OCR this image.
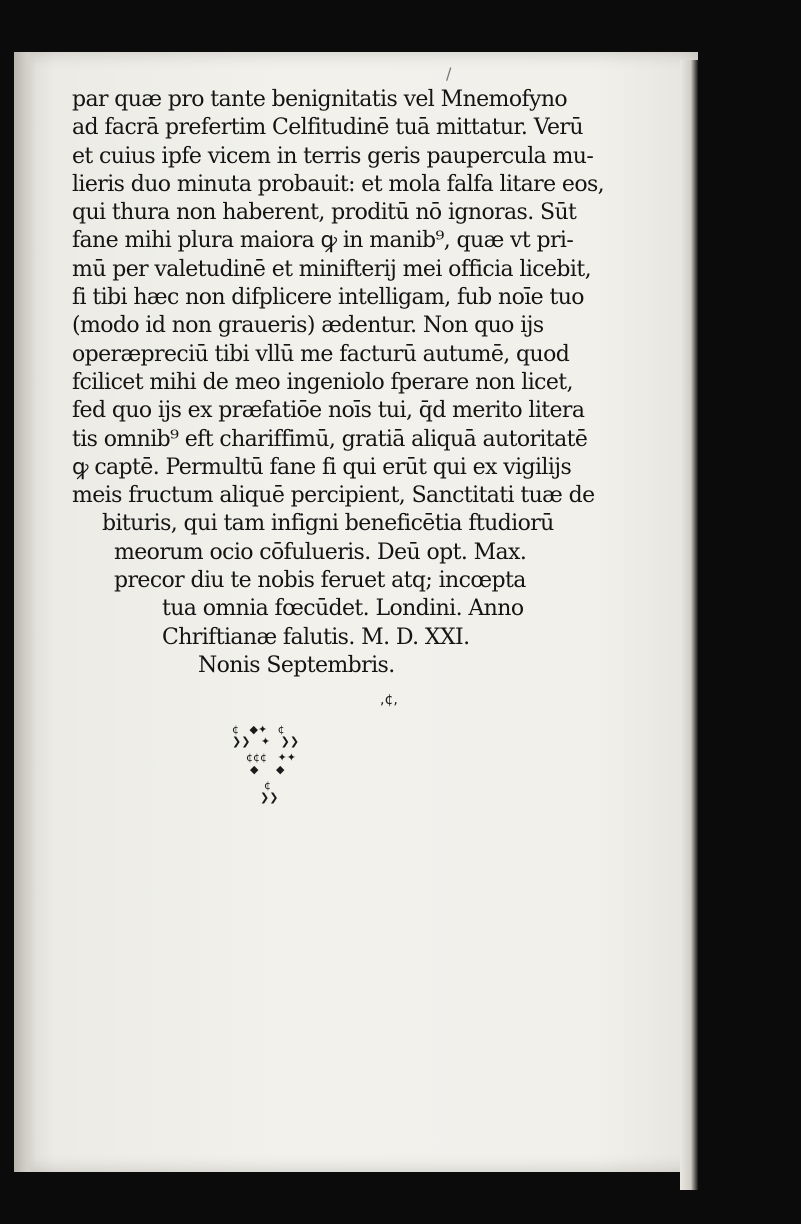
/
par quæ pro tante benignitatis vel Mnemofyno
ad facrā prefertim Celfitudinē tuā mittatur. Verū
et cuius ipfe vicem in terris geris paupercula mu-
lieris duo minuta probauit: et mola falfa litare eos,
qui thura non haberent, proditū nō ignoras. Sūt
fane mihi plura maiora ꝙ in manib⁹, quæ vt pri-
mū per valetudinē et minifterij mei officia licebit,
fi tibi hæc non difplicere intelligam, fub noīe tuo
(modo id non graueris) ædentur. Non quo ijs
operæpreciū tibi vllū me facturū autumē, quod
fcilicet mihi de meo ingeniolo fperare non licet,
fed quo ijs ex præfatiōe noīs tui, q̄d merito litera
tis omnib⁹ eft chariffimū, gratiā aliquā autoritatē
ꝙ captē. Permultū fane fi qui erūt qui ex vigilijs
meis fructum aliquē percipient, Sanctitati tuæ de
bituris, qui tam infigni beneficētia ftudiorū
meorum ocio cōfulueris. Deū opt. Max.
precor diu te nobis feruet atq; incœpta
tua omnia fœcūdet. Londini. Anno
Chriftianæ falutis. M. D. XXI.
Nonis Septembris.
,¢,
¢   ◆✦   ¢
❯❯   ✦   ❯❯
¢¢¢   ✦✦
◆     ◆
¢
❯❯
